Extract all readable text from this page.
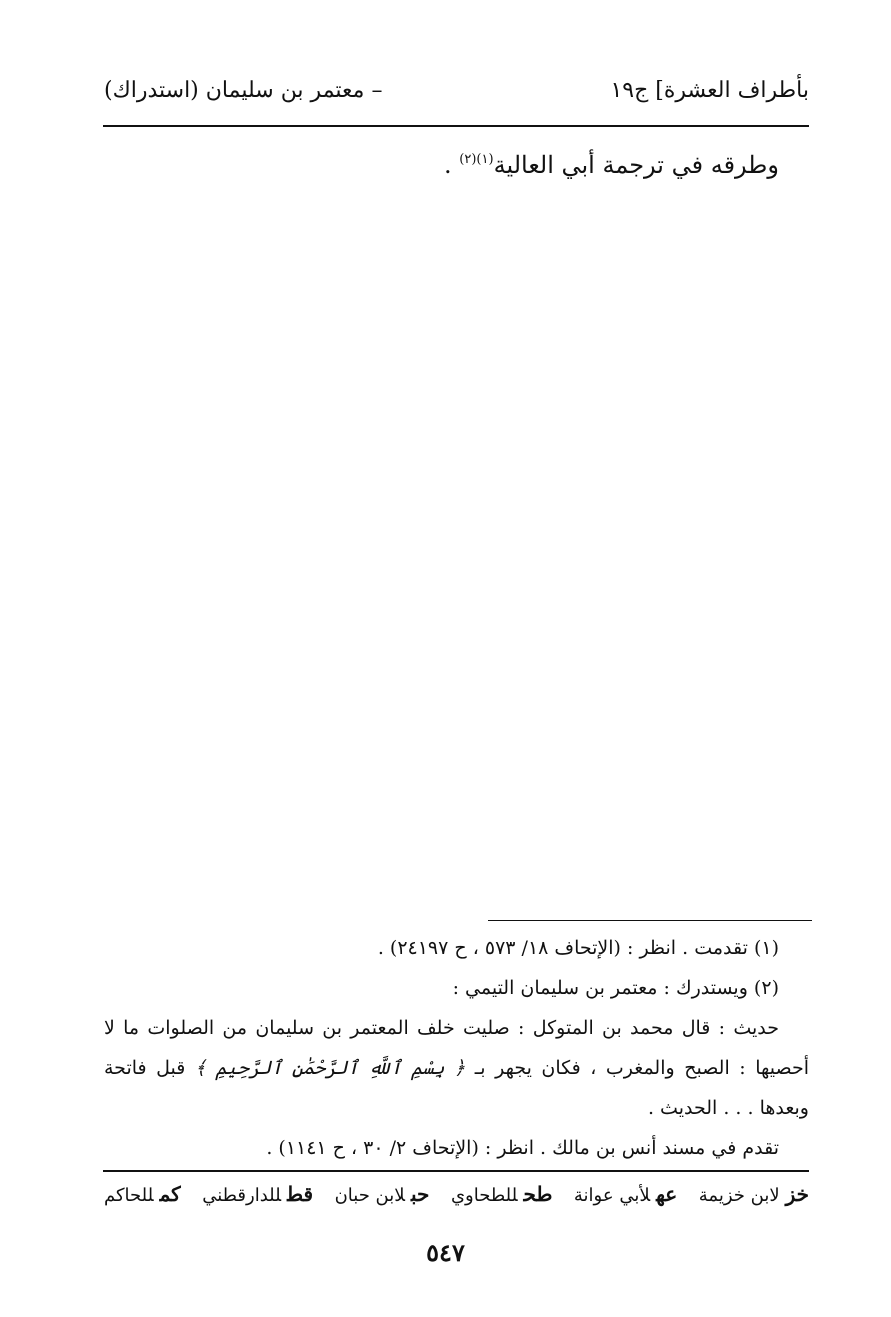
بأطراف العشرة] ج١٩
– معتمر بن سليمان (استدراك)
وطرقه في ترجمة أبي العالية$^{(١)(٢)}$ .
(١) تقدمت . انظر : (الإتحاف ١٨/ ٥٧٣ ، ح ٢٤١٩٧) .
(٢) ويستدرك : معتمر بن سليمان التيمي :
حديث : قال محمد بن المتوكل : صليت خلف المعتمر بن سليمان من الصلوات ما لا
أحصيها : الصبح والمغرب ، فكان يجهر بـ ﴿ بِسْمِ ٱللَّهِ ٱلرَّحْمَٰنِ ٱلرَّحِيمِ ﴾ قبل فاتحة
وبعدها . . . الحديث .
تقدم في مسند أنس بن مالك . انظر : (الإتحاف ٢/ ٣٠ ، ح ١١٤١) .
خزلابن خزيمة
عهلأبي عوانة
طحللطحاوي
حبلابن حبان
قطللدارقطني
كمللحاكم
٥٤٧
